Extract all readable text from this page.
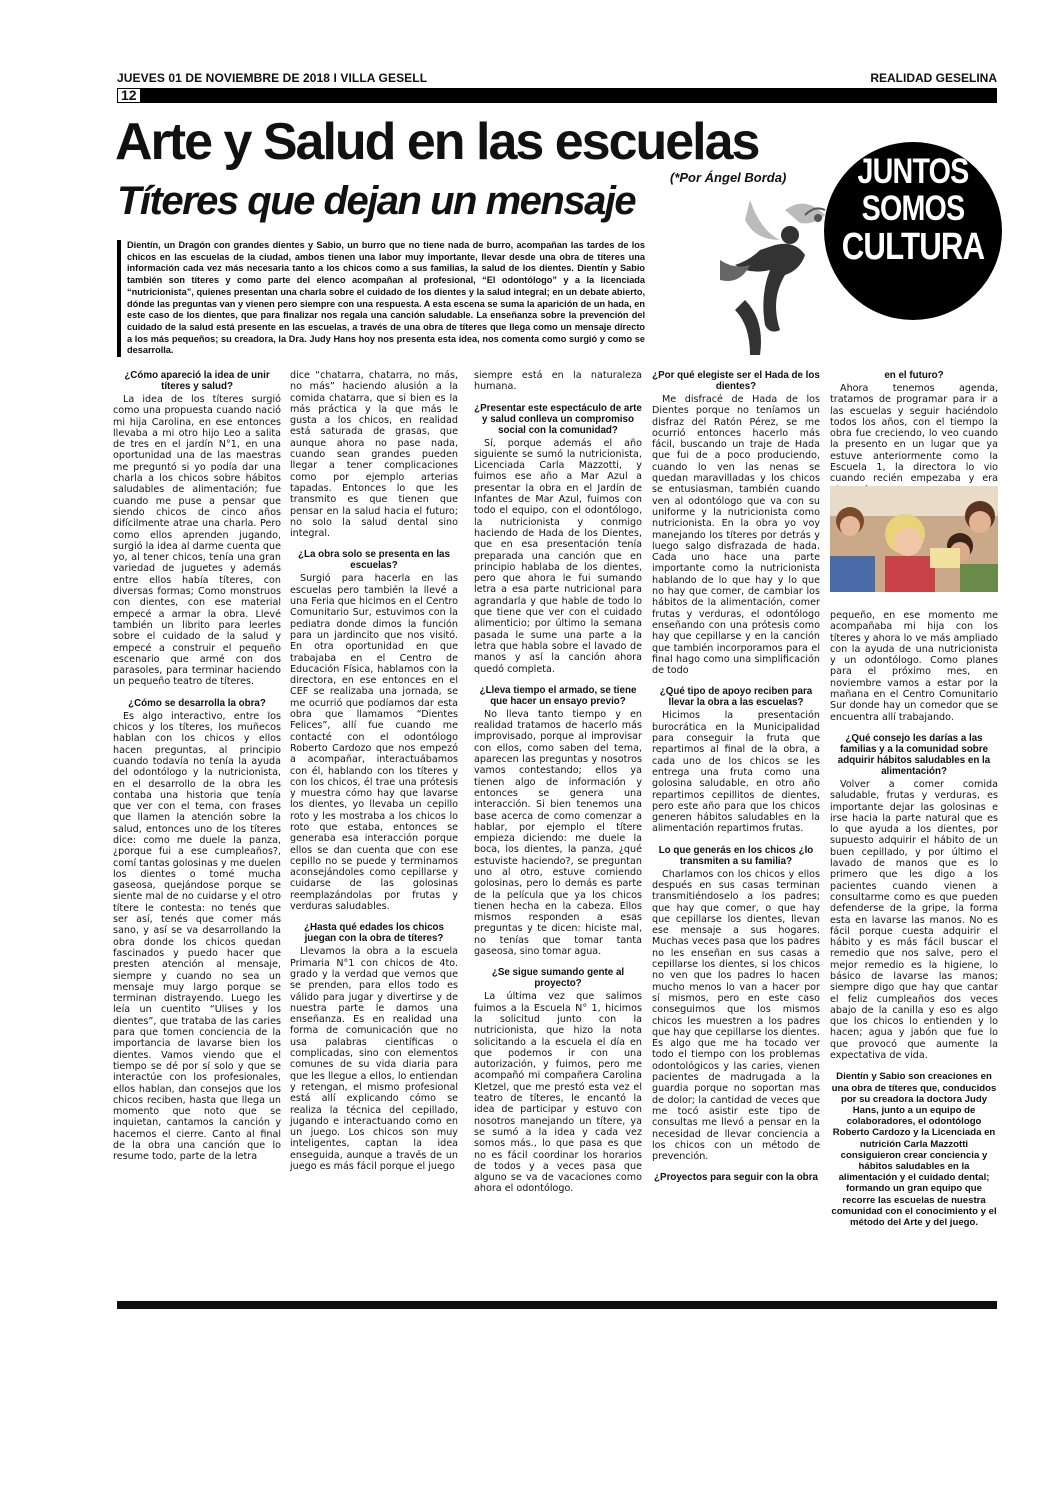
JUEVES 01 DE NOVIEMBRE DE 2018 I VILLA GESELL	REALIDAD GESELINA
12
Arte y Salud en las escuelas
Títeres que dejan un mensaje
(*Por Ángel Borda)	JUNTOS
SOMOS
CULTURA
Dientín, un Dragón con grandes dientes y Sabio, un burro que no tiene nada de burro, acompañan las tardes de los chicos en las escuelas de la ciudad, ambos tienen una labor muy importante, llevar desde una obra de títeres una información cada vez más necesaria tanto a los chicos como a sus familias, la salud de los dientes. Dientín y Sabio también son títeres y como parte del elenco acompañan al profesional, “El odontólogo” y a la licenciada “nutricionista”, quienes presentan una charla sobre el cuidado de los dientes y la salud integral; en un debate abierto, dónde las preguntas van y vienen pero siempre con una respuesta. A esta escena se suma la aparición de un hada, en este caso de los dientes, que para finalizar nos regala una canción saludable. La enseñanza sobre la prevención del cuidado de la salud está presente en las escuelas, a través de una obra de títeres que llega como un mensaje directo a los más pequeños; su creadora, la Dra. Judy Hans hoy nos presenta esta idea, nos comenta como surgió y como se desarrolla.
¿Cómo apareció la idea de unir títeres y salud?

La idea de los títeres surgió como una propuesta cuando nació mi hija Carolina, en ese entonces llevaba a mi otro hijo Leo a salita de tres en el jardín N°1, en una oportunidad una de las maestras me preguntó si yo podía dar una charla a los chicos sobre hábitos saludables de alimentación; fue cuando me puse a pensar que siendo chicos de cinco años difícilmente atrae una charla. Pero como ellos aprenden jugando, surgió la idea al darme cuenta que yo, al tener chicos, tenía una gran variedad de juguetes y además entre ellos había títeres, con diversas formas; Como monstruos con dientes, con ese material empecé a armar la obra. Llevé también un librito para leerles sobre el cuidado de la salud y empecé a construir el pequeño escenario que armé con dos parasoles, para terminar haciendo un pequeño teatro de títeres.

¿Cómo se desarrolla la obra?

Es algo interactivo, entre los chicos y los títeres, los muñecos hablan con los chicos y ellos hacen preguntas, al principio cuando todavía no tenía la ayuda del odontólogo y la nutricionista, en el desarrollo de la obra les contaba una historia que tenía que ver con el tema, con frases que llamen la atención sobre la salud, entonces uno de los títeres dice: como me duele la panza, ¿porque fui a ese cumpleaños?, comí tantas golosinas y me duelen los dientes o tomé mucha gaseosa, quejándose porque se siente mal de no cuidarse y el otro títere le contesta: no tenés que ser así, tenés que comer más sano, y así se va desarrollando la obra donde los chicos quedan fascinados y puedo hacer que presten atención al mensaje, siempre y cuando no sea un mensaje muy largo porque se terminan distrayendo. Luego les leía un cuentito “Ulises y los dientes”, que trataba de las caries para que tomen conciencia de la importancia de lavarse bien los dientes. Vamos viendo que el tiempo se dé por sí solo y que se interactúe con los profesionales, ellos hablan, dan consejos que los chicos reciben, hasta que llega un momento que noto que se inquietan, cantamos la canción y hacemos el cierre. Canto al final de la obra una canción que lo resume todo, parte de la letra

dice “chatarra, chatarra, no más, no más” haciendo alusión a la comida chatarra, que si bien es la más práctica y la que más le gusta a los chicos, en realidad está saturada de grasas, que aunque ahora no pase nada, cuando sean grandes pueden llegar a tener complicaciones como por ejemplo arterias tapadas. Entonces lo que les transmito es que tienen que pensar en la salud hacia el futuro; no solo la salud dental sino integral.

¿La obra solo se presenta en las escuelas?

Surgió para hacerla en las escuelas pero también la llevé a una Feria que hicimos en el Centro Comunitario Sur, estuvimos con la pediatra donde dimos la función para un jardincito que nos visitó. En otra oportunidad en que trabajaba en el Centro de Educación Física, hablamos con la directora, en ese entonces en el CEF se realizaba una jornada, se me ocurrió que podíamos dar esta obra que llamamos “Dientes Felices”, allí fue cuando me contacté con el odontólogo Roberto Cardozo que nos empezó a acompañar, interactuábamos con él, hablando con los títeres y con los chicos, él trae una prótesis y muestra cómo hay que lavarse los dientes, yo llevaba un cepillo roto y les mostraba a los chicos lo roto que estaba, entonces se generaba esa interacción porque ellos se dan cuenta que con ese cepillo no se puede y terminamos aconsejándoles como cepillarse y cuidarse de las golosinas reemplazándolas por frutas y verduras saludables.

¿Hasta qué edades los chicos juegan con la obra de títeres?

Llevamos la obra a la escuela Primaria N°1 con chicos de 4to. grado y la verdad que vemos que se prenden, para ellos todo es válido para jugar y divertirse y de nuestra parte le damos una enseñanza. Es en realidad una forma de comunicación que no usa palabras científicas o complicadas, sino con elementos comunes de su vida diaria para que les llegue a ellos, lo entiendan y retengan, el mismo profesional está allí explicando cómo se realiza la técnica del cepillado, jugando e interactuando como en un juego. Los chicos son muy inteligentes, captan la idea enseguida, aunque a través de un juego es más fácil porque el juego

siempre está en la naturaleza humana.

¿Presentar este espectáculo de arte y salud conlleva un compromiso social con la comunidad?

Sí, porque además el año siguiente se sumó la nutricionista, Licenciada Carla Mazzotti, y fuimos ese año a Mar Azul a presentar la obra en el Jardín de Infantes de Mar Azul, fuimos con todo el equipo, con el odontólogo, la nutricionista y conmigo haciendo de Hada de los Dientes, que en esa presentación tenía preparada una canción que en principio hablaba de los dientes, pero que ahora le fui sumando letra a esa parte nutricional para agrandarla y que hable de todo lo que tiene que ver con el cuidado alimenticio; por último la semana pasada le sume una parte a la letra que habla sobre el lavado de manos y así la canción ahora quedó completa.

¿Lleva tiempo el armado, se tiene que hacer un ensayo previo?

No lleva tanto tiempo y en realidad tratamos de hacerlo más improvisado, porque al improvisar con ellos, como saben del tema, aparecen las preguntas y nosotros vamos contestando; ellos ya tienen algo de información y entonces se genera una interacción. Si bien tenemos una base acerca de como comenzar a hablar, por ejemplo el títere empieza diciendo: me duele la boca, los dientes, la panza, ¿qué estuviste haciendo?, se preguntan uno al otro, estuve comiendo golosinas, pero lo demás es parte de la película que ya los chicos tienen hecha en la cabeza. Ellos mismos responden a esas preguntas y te dicen: hiciste mal, no tenías que tomar tanta gaseosa, sino tomar agua.

¿Se sigue sumando gente al proyecto?

La última vez que salimos fuimos a la Escuela N° 1, hicimos la solicitud junto con la nutricionista, que hizo la nota solicitando a la escuela el día en que podemos ir con una autorización, y fuimos, pero me acompañó mi compañera Carolina Kletzel, que me prestó esta vez el teatro de títeres, le encantó la idea de participar y estuvo con nosotros manejando un títere, ya se sumó a la idea y cada vez somos más., lo que pasa es que no es fácil coordinar los horarios de todos y a veces pasa que alguno se va de vacaciones como ahora el odontólogo.

¿Por qué elegiste ser el Hada de los dientes?

Me disfracé de Hada de los Dientes porque no teníamos un disfraz del Ratón Pérez, se me ocurrió entonces hacerlo más fácil, buscando un traje de Hada que fui de a poco produciendo, cuando lo ven las nenas se quedan maravilladas y los chicos se entusiasman, también cuando ven al odontólogo que va con su uniforme y la nutricionista como nutricionista. En la obra yo voy manejando los títeres por detrás y luego salgo disfrazada de hada. Cada uno hace una parte importante como la nutricionista hablando de lo que hay y lo que no hay que comer, de cambiar los hábitos de la alimentación, comer frutas y verduras, el odontólogo enseñando con una prótesis como hay que cepillarse y en la canción que también incorporamos para el final hago como una simplificación de todo

¿Qué tipo de apoyo reciben para llevar la obra a las escuelas?

Hicimos la presentación burocrática en la Municipalidad para conseguir la fruta que repartimos al final de la obra, a cada uno de los chicos se les entrega una fruta como una golosina saludable, en otro año repartimos cepillitos de dientes, pero este año para que los chicos generen hábitos saludables en la alimentación repartimos frutas.

Lo que generás en los chicos ¿lo transmiten a su familia?

Charlamos con los chicos y ellos después en sus casas terminan transmitiéndoselo a los padres; que hay que comer, o que hay que cepillarse los dientes, llevan ese mensaje a sus hogares. Muchas veces pasa que los padres no les enseñan en sus casas a cepillarse los dientes, si los chicos no ven que los padres lo hacen mucho menos lo van a hacer por sí mismos, pero en este caso conseguimos que los mismos chicos les muestren a los padres que hay que cepillarse los dientes. Es algo que me ha tocado ver todo el tiempo con los problemas odontológicos y las caries, vienen pacientes de madrugada a la guardia porque no soportan mas de dolor; la cantidad de veces que me tocó asistir este tipo de consultas me llevó a pensar en la necesidad de llevar conciencia a los chicos con un método de prevención.

¿Proyectos para seguir con la obra
en el futuro?

Ahora tenemos agenda, tratamos de programar para ir a las escuelas y seguir haciéndolo todos los años, con el tiempo la obra fue creciendo, lo veo cuando la presento en un lugar que ya estuve anteriormente como la Escuela 1, la directora lo vio cuando recién empezaba y era

pequeño, en ese momento me acompañaba mi hija con los títeres y ahora lo ve más ampliado con la ayuda de una nutricionista y un odontólogo. Como planes para el próximo mes, en noviembre vamos a estar por la mañana en el Centro Comunitario Sur donde hay un comedor que se encuentra allí trabajando.

¿Qué consejo les darías a las familias y a la comunidad sobre adquirir hábitos saludables en la alimentación?

Volver a comer comida saludable, frutas y verduras, es importante dejar las golosinas e irse hacia la parte natural que es lo que ayuda a los dientes, por supuesto adquirir el hábito de un buen cepillado, y por último el lavado de manos que es lo primero que les digo a los pacientes cuando vienen a consultarme como es que pueden defenderse de la gripe, la forma esta en lavarse las manos. No es fácil porque cuesta adquirir el hábito y es más fácil buscar el remedio que nos salve, pero el mejor remedio es la higiene, lo básico de lavarse las manos; siempre digo que hay que cantar el feliz cumpleaños dos veces abajo de la canilla y eso es algo que los chicos lo entienden y lo hacen; agua y jabón que fue lo que provocó que aumente la expectativa de vida.

Dientín y Sabio son creaciones en una obra de títeres que, conducidos por su creadora la doctora Judy Hans, junto a un equipo de colaboradores, el odontólogo Roberto Cardozo y la Licenciada en nutrición Carla Mazzotti consiguieron crear conciencia y hábitos saludables en la alimentación y el cuidado dental; formando un gran equipo que recorre las escuelas de nuestra comunidad con el conocimiento y el método del Arte y del juego.
